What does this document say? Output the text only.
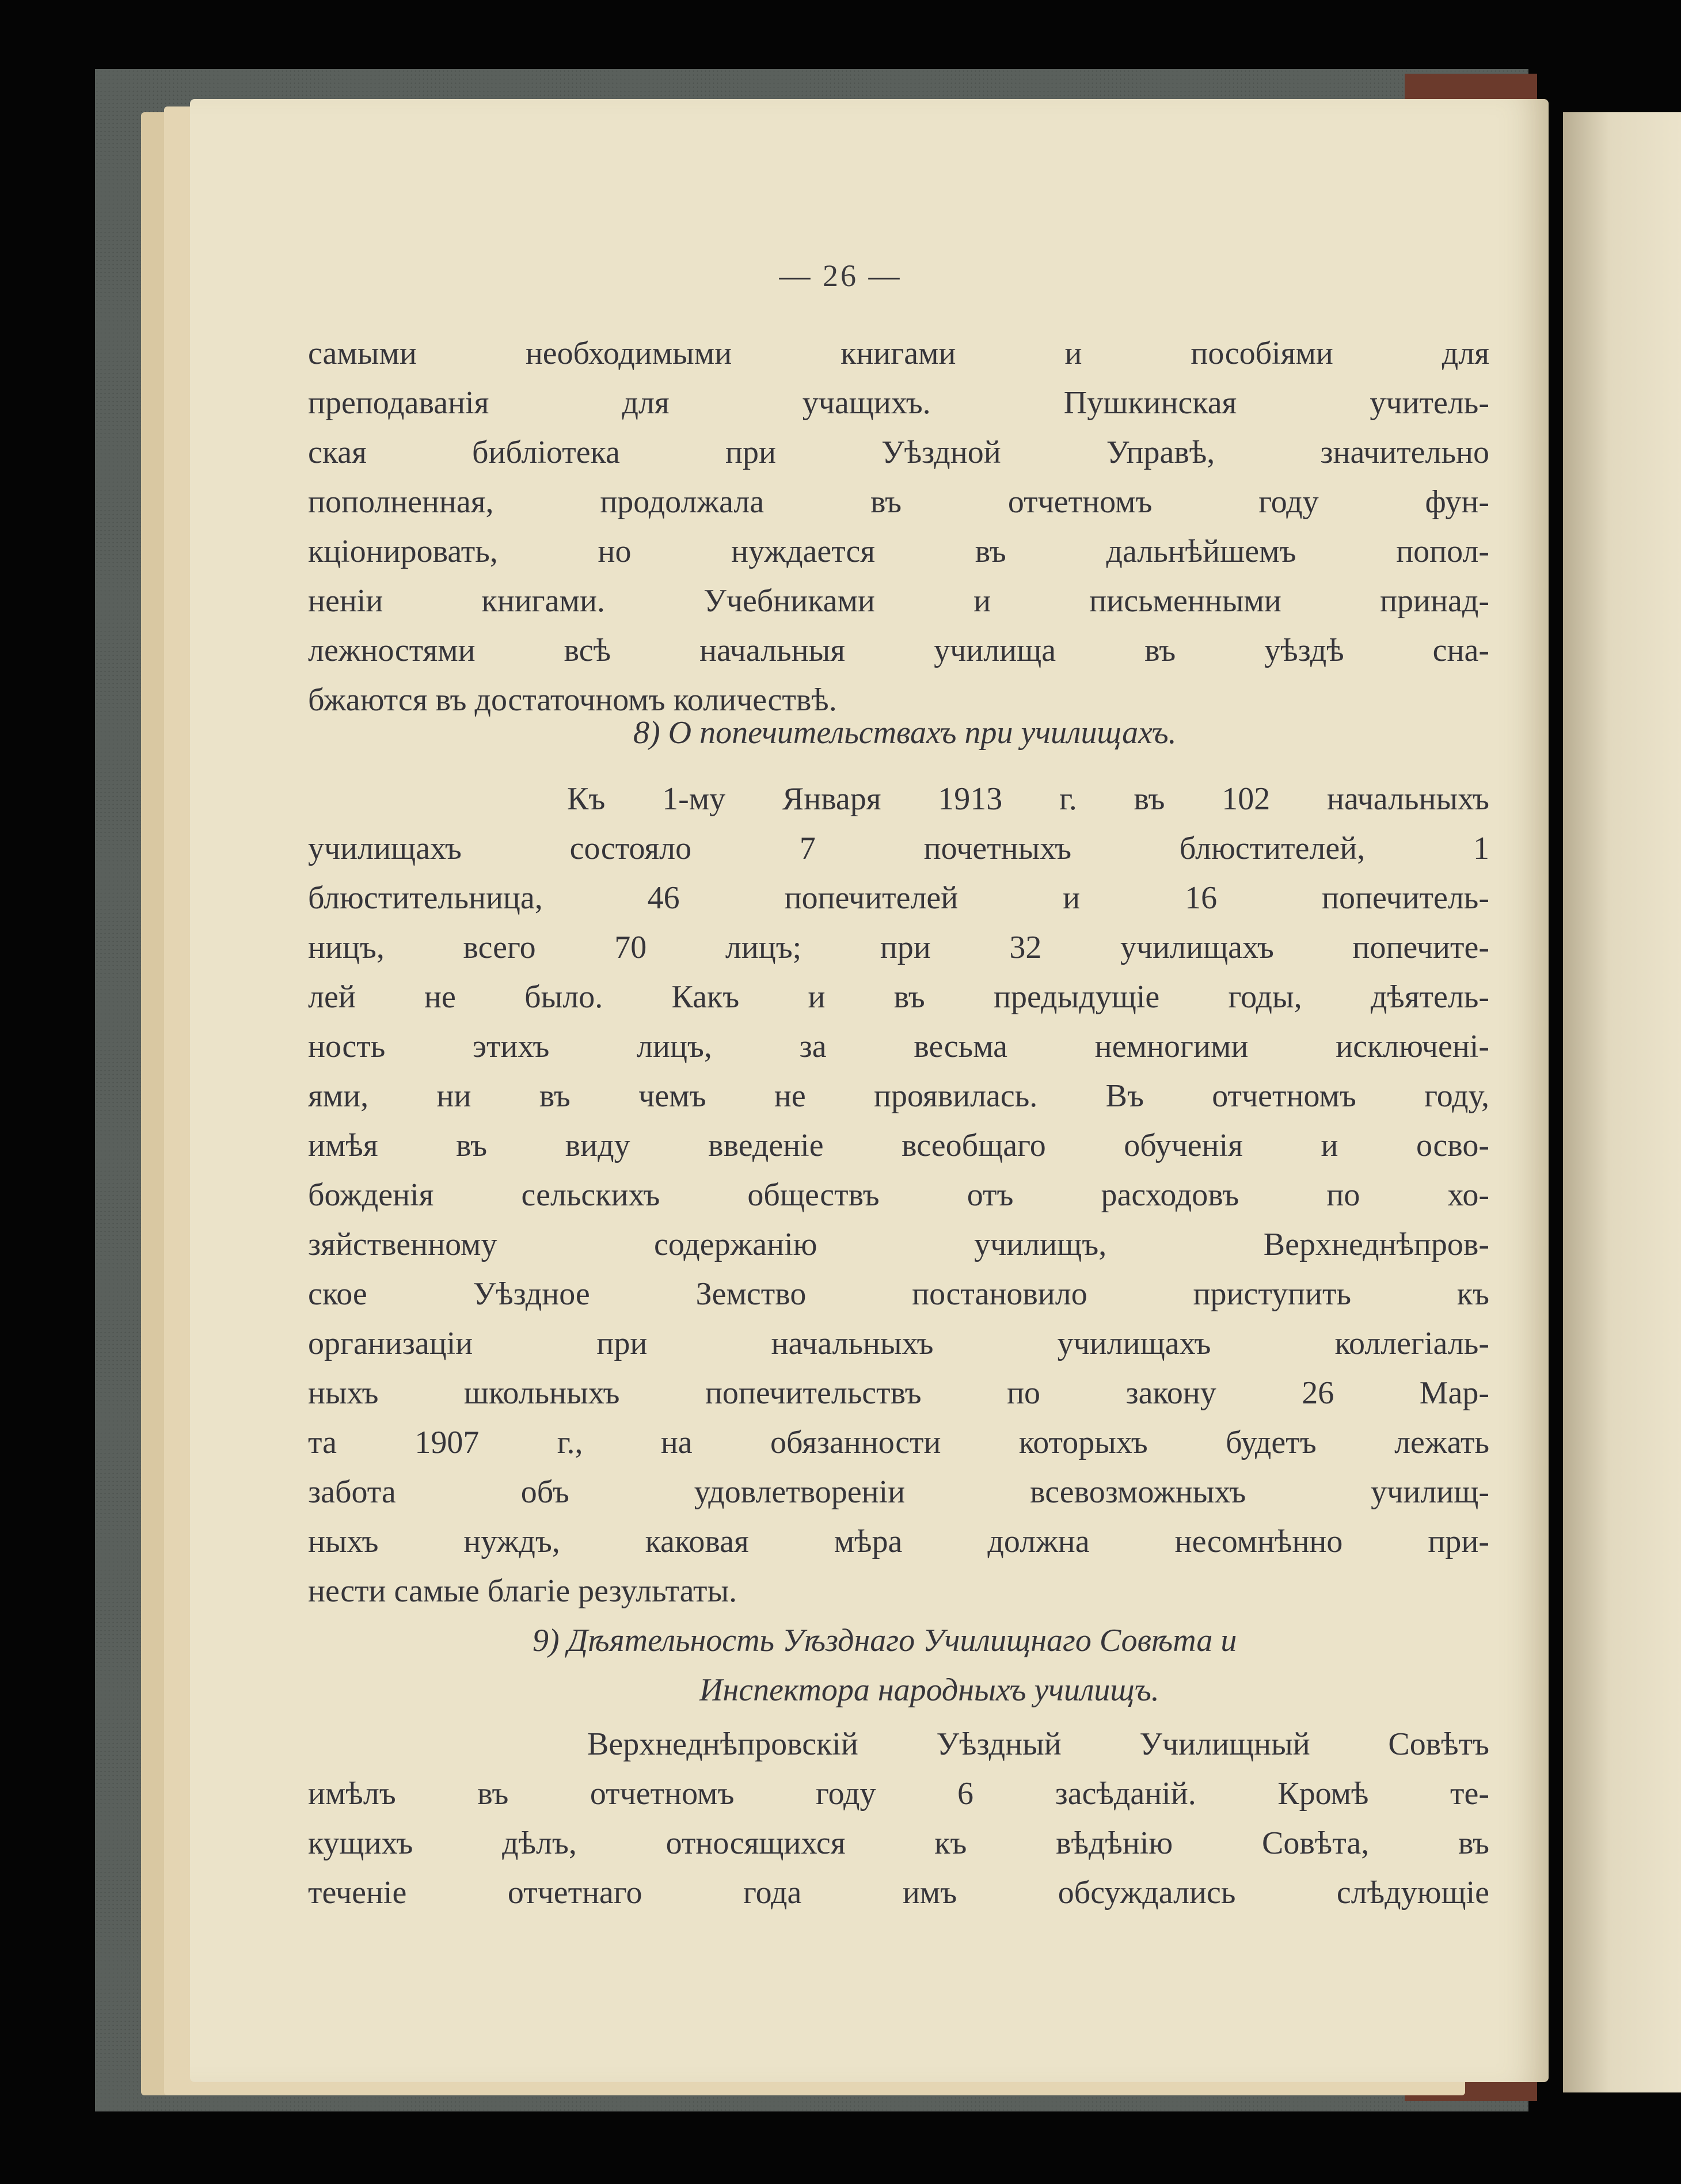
— 26 —
самыми необходимыми книгами и пособіями для
преподаванія для учащихъ. Пушкинская учитель-
ская библіотека при Уѣздной Управѣ, значительно
пополненная, продолжала въ отчетномъ году фун-
кціонировать, но нуждается въ дальнѣйшемъ попол-
неніи книгами. Учебниками и письменными принад-
лежностями всѣ начальныя училища въ уѣздѣ сна-
бжаются въ достаточномъ количествѣ.
8) О попечительствахъ при училищахъ.
Къ 1-му Января 1913 г. въ 102 начальныхъ
училищахъ состояло 7 почетныхъ блюстителей, 1
блюстительница, 46 попечителей и 16 попечитель-
ницъ, всего 70 лицъ; при 32 училищахъ попечите-
лей не было. Какъ и въ предыдущіе годы, дѣятель-
ность этихъ лицъ, за весьма немногими исключені-
ями, ни въ чемъ не проявилась. Въ отчетномъ году,
имѣя въ виду введеніе всеобщаго обученія и осво-
божденія сельскихъ обществъ отъ расходовъ по хо-
зяйственному содержанію училищъ, Верхнеднѣпров-
ское Уѣздное Земство постановило приступить къ
организаціи при начальныхъ училищахъ коллегіаль-
ныхъ школьныхъ попечительствъ по закону 26 Мар-
та 1907 г., на обязанности которыхъ будетъ лежать
забота объ удовлетвореніи всевозможныхъ училищ-
ныхъ нуждъ, каковая мѣра должна несомнѣнно при-
нести самые благіе результаты.
9) Дѣятельность Уѣзднаго Училищнаго Совѣта и
Инспектора народныхъ училищъ.
Верхнеднѣпровскій Уѣздный Училищный Совѣтъ
имѣлъ въ отчетномъ году 6 засѣданій. Кромѣ те-
кущихъ дѣлъ, относящихся къ вѣдѣнію Совѣта, въ
теченіе отчетнаго года имъ обсуждались слѣдующіе
